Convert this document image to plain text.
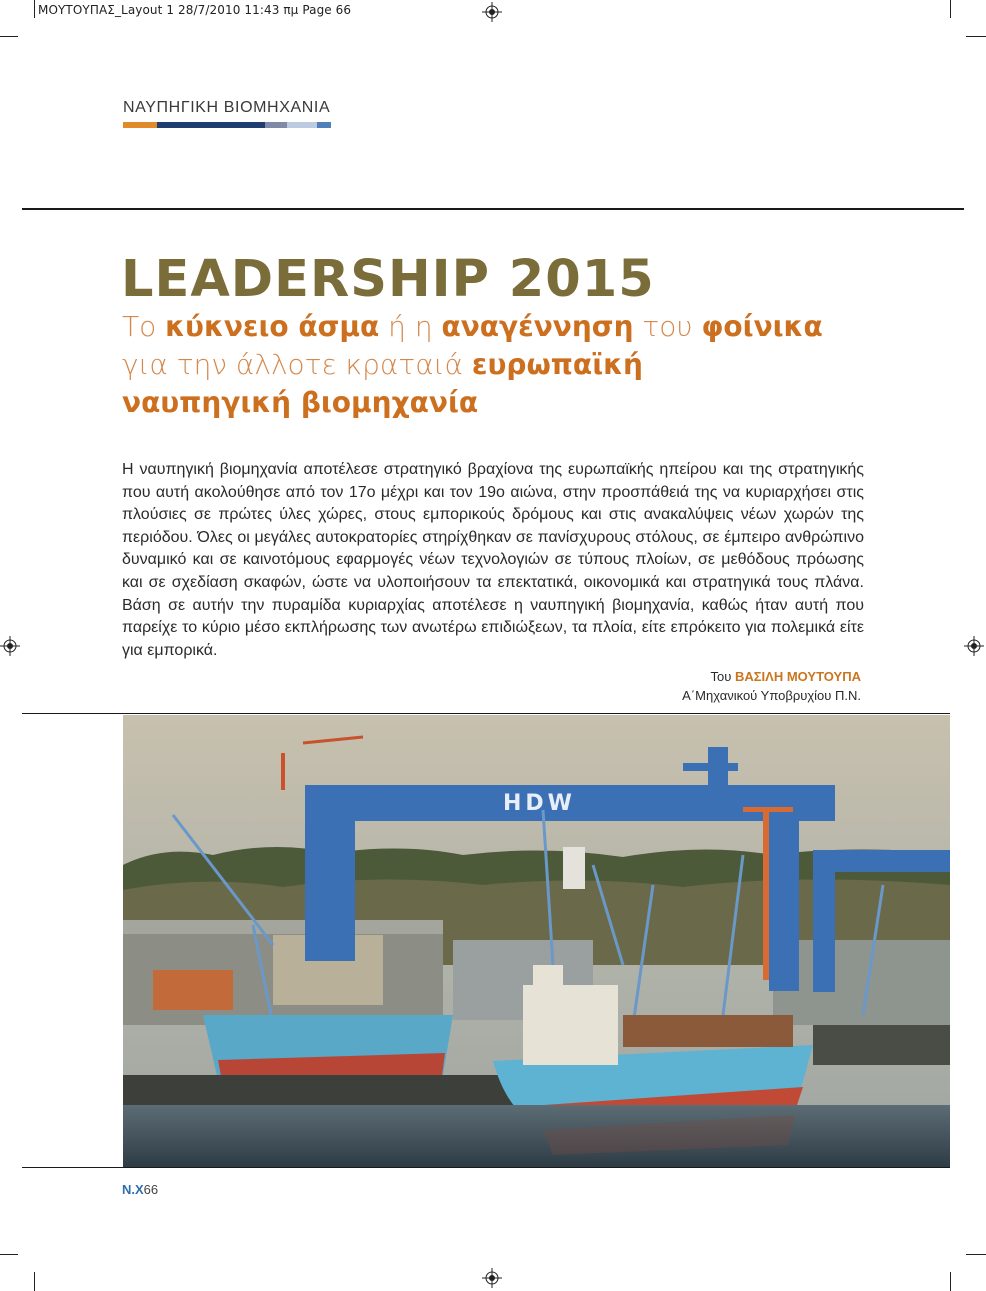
ΜΟΥΤΟΥΠΑΣ_Layout 1 28/7/2010 11:43 πμ Page 66
ΝΑΥΠΗΓΙΚΗ ΒΙΟΜΗΧΑΝΙΑ
LEADERSHIP 2015
Το κύκνειο άσμα ή η αναγέννηση του φοίνικα
για την άλλοτε κραταιά ευρωπαϊκή
ναυπηγική βιομηχανία
Η ναυπηγική βιομηχανία αποτέλεσε στρατηγικό βραχίονα της ευρωπαϊκής ηπείρου και της στρατηγικής που αυτή ακολούθησε από τον 17ο μέχρι και τον 19ο αιώνα, στην προσπάθειά της να κυριαρχήσει στις πλούσιες σε πρώτες ύλες χώρες, στους εμπορικούς δρόμους και στις ανακαλύψεις νέων χωρών της περιόδου. Όλες οι μεγάλες αυτοκρατορίες στηρίχθηκαν σε πανίσχυρους στόλους, σε έμπειρο ανθρώπινο δυναμικό και σε καινοτόμους εφαρμογές νέων τεχνολογιών σε τύπους πλοίων, σε μεθόδους πρόωσης και σε σχεδίαση σκαφών, ώστε να υλοποιήσουν τα επεκτατικά, οικονομικά και στρατηγικά τους πλάνα. Βάση σε αυτήν την πυραμίδα κυριαρχίας αποτέλεσε η ναυπηγική βιομηχανία, καθώς ήταν αυτή που παρείχε το κύριο μέσο εκπλήρωσης των ανωτέρω επιδιώξεων, τα πλοία, είτε επρόκειτο για πολεμικά είτε για εμπορικά.
Του ΒΑΣΙΛΗ ΜΟΥΤΟΥΠΑ
Α΄Μηχανικού Υποβρυχίου Π.Ν.
HDW
Ν.Χ66
